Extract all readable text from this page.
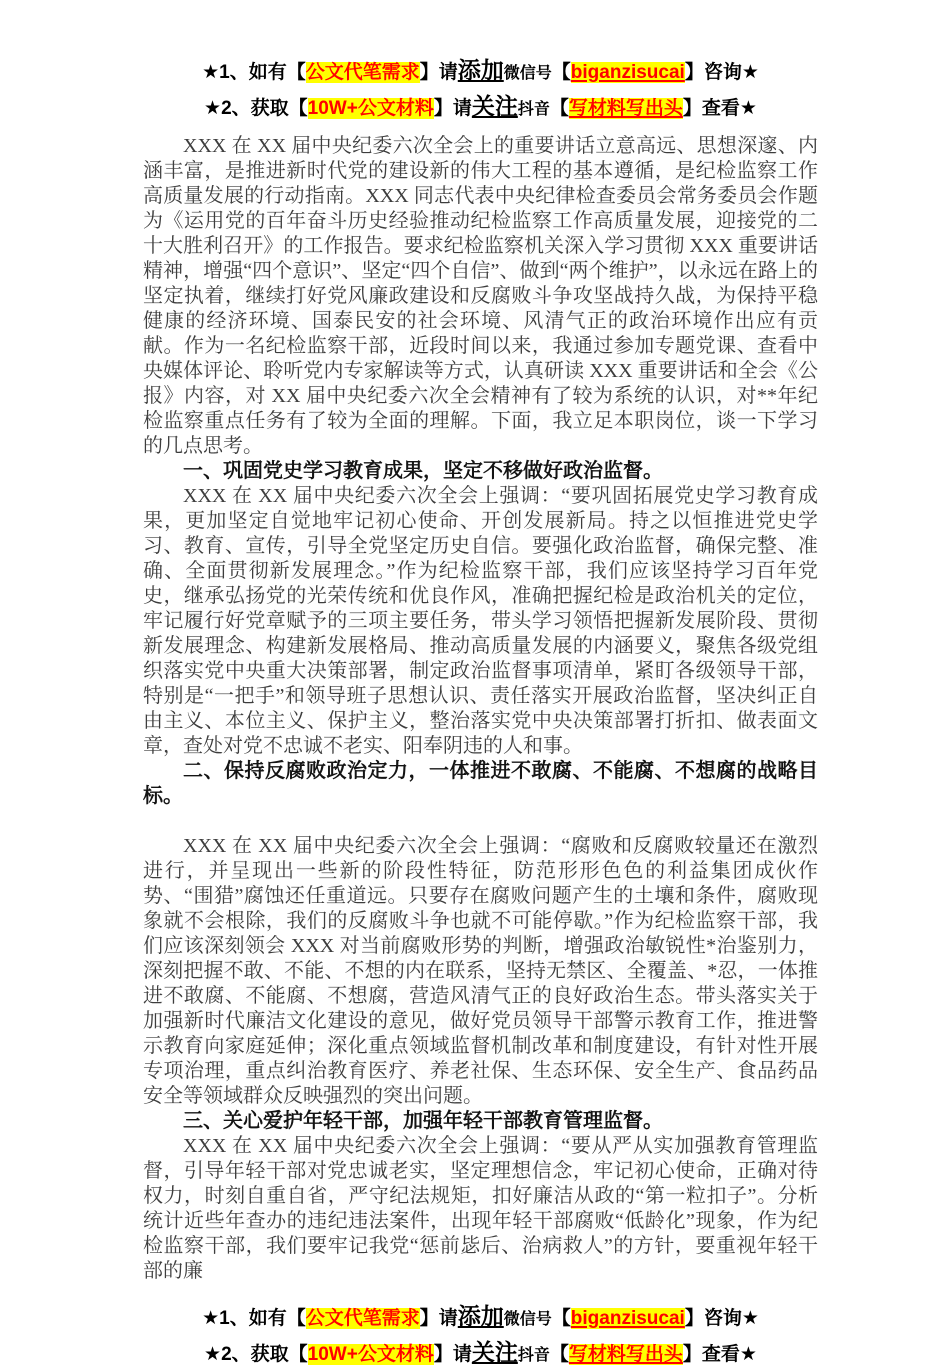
★1、如有【公文代笔需求】请添加微信号【biganzisucai】咨询★
★2、获取【10W+公文材料】请关注抖音【写材料写出头】查看★

XXX 在 XX 届中央纪委六次全会上的重要讲话立意高远、思想深邃、内涵丰富，是推进新时代党的建设新的伟大工程的基本遵循，是纪检监察工作高质量发展的行动指南。XXX 同志代表中央纪律检查委员会常务委员会作题为《运用党的百年奋斗历史经验推动纪检监察工作高质量发展，迎接党的二十大胜利召开》的工作报告。要求纪检监察机关深入学习贯彻 XXX 重要讲话精神，增强“四个意识”、坚定“四个自信”、做到“两个维护”，以永远在路上的坚定执着，继续打好党风廉政建设和反腐败斗争攻坚战持久战，为保持平稳健康的经济环境、国泰民安的社会环境、风清气正的政治环境作出应有贡献。作为一名纪检监察干部，近段时间以来，我通过参加专题党课、查看中央媒体评论、聆听党内专家解读等方式，认真研读 XXX 重要讲话和全会《公报》内容，对 XX 届中央纪委六次全会精神有了较为系统的认识，对**年纪检监察重点任务有了较为全面的理解。下面，我立足本职岗位，谈一下学习的几点思考。

一、巩固党史学习教育成果，坚定不移做好政治监督。

XXX 在 XX 届中央纪委六次全会上强调：“要巩固拓展党史学习教育成果，更加坚定自觉地牢记初心使命、开创发展新局。持之以恒推进党史学习、教育、宣传，引导全党坚定历史自信。要强化政治监督，确保完整、准确、全面贯彻新发展理念。”作为纪检监察干部，我们应该坚持学习百年党史，继承弘扬党的光荣传统和优良作风，准确把握纪检是政治机关的定位，牢记履行好党章赋予的三项主要任务，带头学习领悟把握新发展阶段、贯彻新发展理念、构建新发展格局、推动高质量发展的内涵要义，聚焦各级党组织落实党中央重大决策部署，制定政治监督事项清单，紧盯各级领导干部，特别是“一把手”和领导班子思想认识、责任落实开展政治监督，坚决纠正自由主义、本位主义、保护主义，整治落实党中央决策部署打折扣、做表面文章，查处对党不忠诚不老实、阳奉阴违的人和事。

二、保持反腐败政治定力，一体推进不敢腐、不能腐、不想腐的战略目标。

XXX 在 XX 届中央纪委六次全会上强调：“腐败和反腐败较量还在激烈进行，并呈现出一些新的阶段性特征，防范形形色色的利益集团成伙作势、“围猎”腐蚀还任重道远。只要存在腐败问题产生的土壤和条件，腐败现象就不会根除，我们的反腐败斗争也就不可能停歇。”作为纪检监察干部，我们应该深刻领会 XXX 对当前腐败形势的判断，增强政治敏锐性*治鉴别力，深刻把握不敢、不能、不想的内在联系，坚持无禁区、全覆盖、*忍，一体推进不敢腐、不能腐、不想腐，营造风清气正的良好政治生态。带头落实关于加强新时代廉洁文化建设的意见，做好党员领导干部警示教育工作，推进警示教育向家庭延伸；深化重点领域监督机制改革和制度建设，有针对性开展专项治理，重点纠治教育医疗、养老社保、生态环保、安全生产、食品药品安全等领域群众反映强烈的突出问题。

三、关心爱护年轻干部，加强年轻干部教育管理监督。

XXX 在 XX 届中央纪委六次全会上强调：“要从严从实加强教育管理监督，引导年轻干部对党忠诚老实，坚定理想信念，牢记初心使命，正确对待权力，时刻自重自省，严守纪法规矩，扣好廉洁从政的“第一粒扣子”。分析统计近些年查办的违纪违法案件，出现年轻干部腐败“低龄化”现象，作为纪检监察干部，我们要牢记我党“惩前毖后、治病救人”的方针，要重视年轻干部的廉

★1、如有【公文代笔需求】请添加微信号【biganzisucai】咨询★
★2、获取【10W+公文材料】请关注抖音【写材料写出头】查看★
